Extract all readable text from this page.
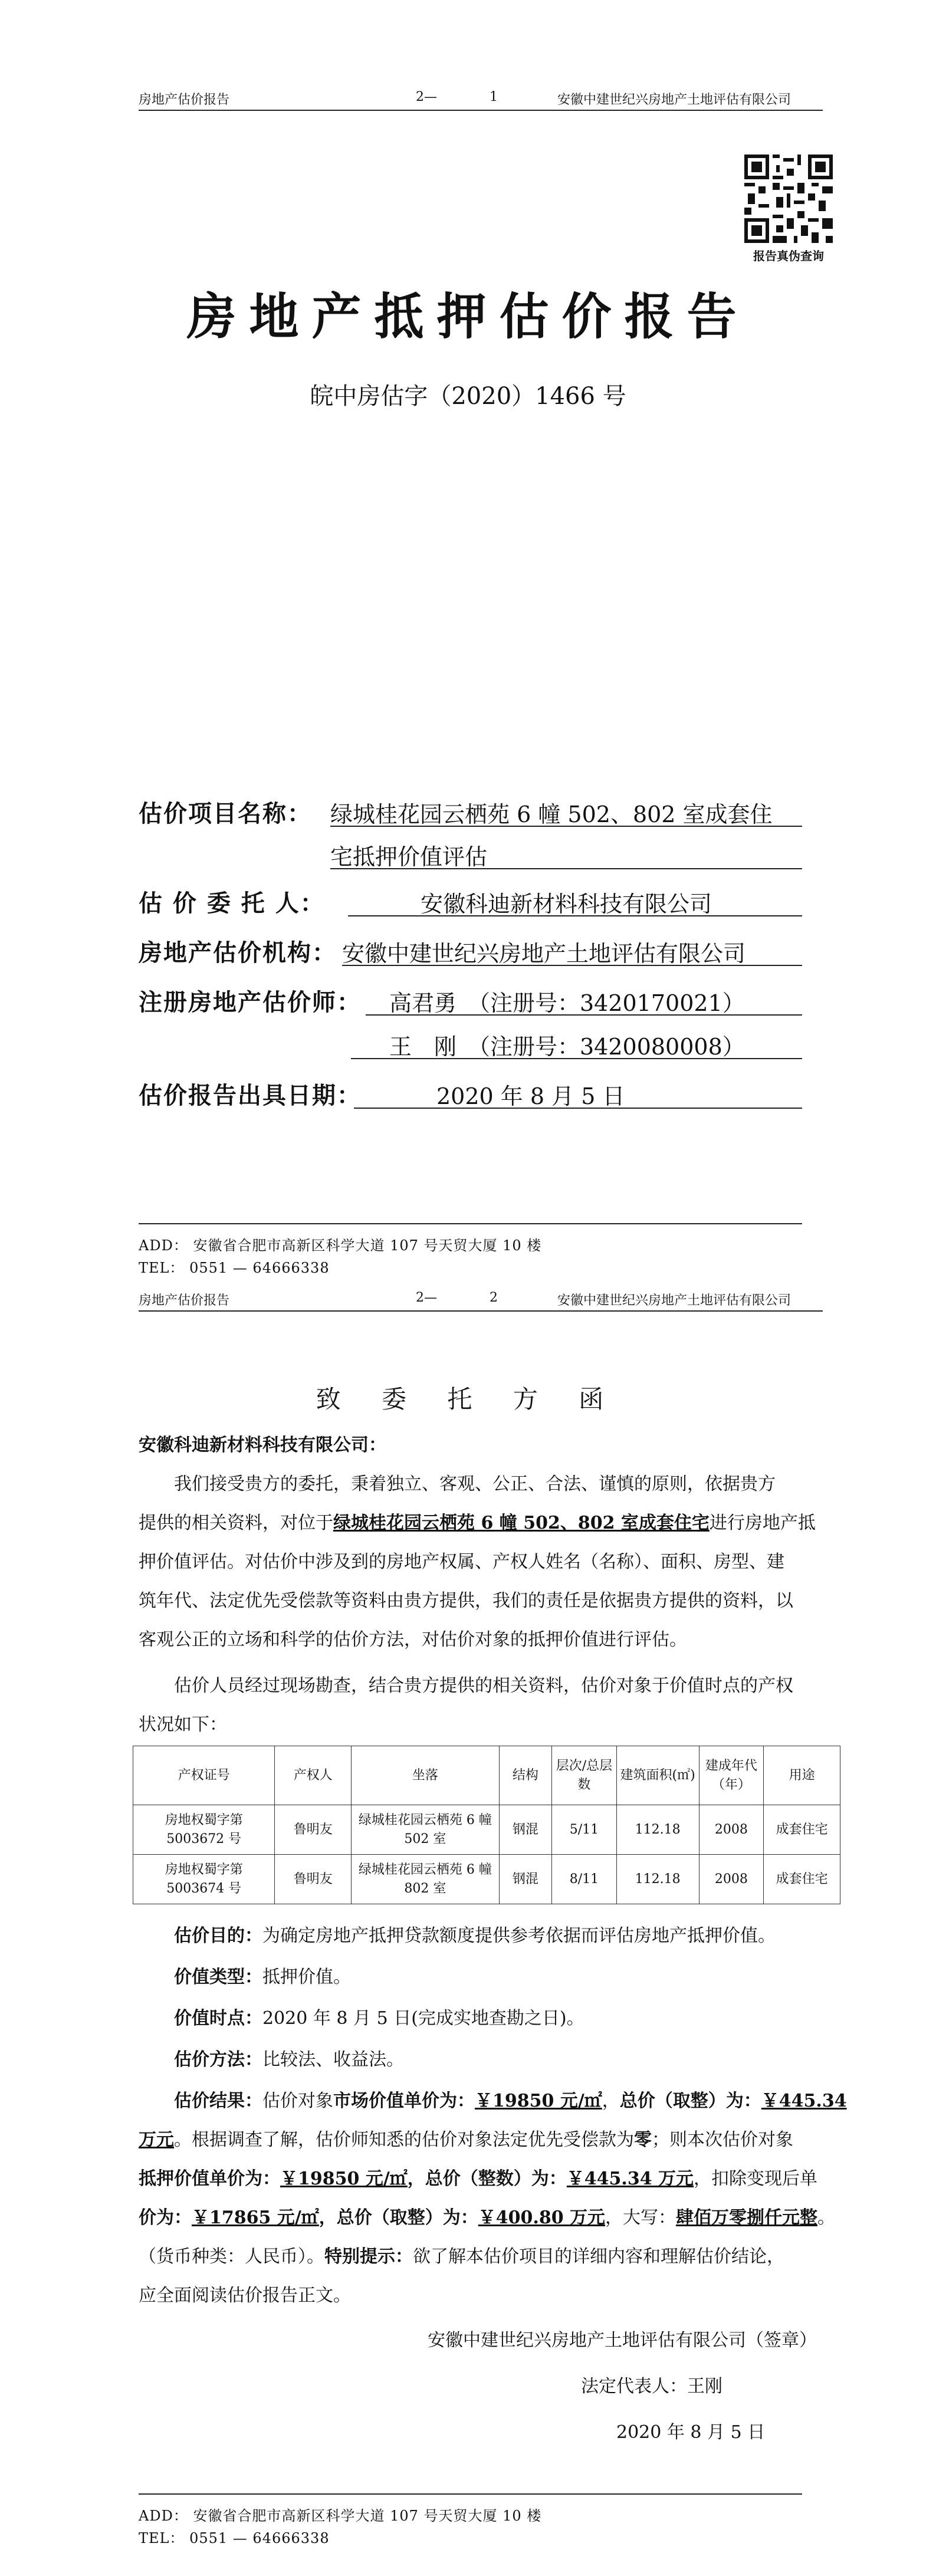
房地产估价报告	2—	1	安徽中建世纪兴房地产土地评估有限公司
报告真伪查询
房地产抵押估价报告
皖中房估字（2020）1466 号
估价项目名称： 绿城桂花园云栖苑 6 幢 502、802 室成套住
宅抵押价值评估
估 价 委 托 人：	安徽科迪新材料科技有限公司
房地产估价机构： 安徽中建世纪兴房地产土地评估有限公司
注册房地产估价师： 高君勇　（注册号：3420170021）
王　刚　（注册号：3420080008）
估价报告出具日期：	2020 年 8 月 5 日
ADD： 安徽省合肥市高新区科学大道 107 号天贸大厦 10 楼
TEL： 0551 — 64666338
房地产估价报告	2—	2	安徽中建世纪兴房地产土地评估有限公司
致 委 托 方 函
安徽科迪新材料科技有限公司：
我们接受贵方的委托，秉着独立、客观、公正、合法、谨慎的原则，依据贵方
提供的相关资料，对位于绿城桂花园云栖苑 6 幢 502、802 室成套住宅进行房地产抵
押价值评估。对估价中涉及到的房地产权属、产权人姓名（名称）、面积、房型、建
筑年代、法定优先受偿款等资料由贵方提供，我们的责任是依据贵方提供的资料，以
客观公正的立场和科学的估价方法，对估价对象的抵押价值进行评估。
估价人员经过现场勘查，结合贵方提供的相关资料，估价对象于价值时点的产权
状况如下：
产权证号	产权人	坐落	结构	层次/总层数	建筑面积(㎡)	建成年代（年）	用途
房地权蜀字第 5003672 号	鲁明友	绿城桂花园云栖苑 6 幢 502 室	钢混	5/11	112.18	2008	成套住宅
房地权蜀字第 5003674 号	鲁明友	绿城桂花园云栖苑 6 幢 802 室	钢混	8/11	112.18	2008	成套住宅
估价目的：为确定房地产抵押贷款额度提供参考依据而评估房地产抵押价值。
价值类型：抵押价值。
价值时点：2020 年 8 月 5 日(完成实地查勘之日)。
估价方法：比较法、收益法。
估价结果：估价对象市场价值单价为：￥19850 元/㎡，总价（取整）为：￥445.34
万元。根据调查了解，估价师知悉的估价对象法定优先受偿款为零；则本次估价对象
抵押价值单价为：￥19850 元/㎡，总价（整数）为：￥445.34 万元，扣除变现后单
价为：￥17865 元/㎡，总价（取整）为：￥400.80 万元，大写：肆佰万零捌仟元整。
（货币种类：人民币）。特别提示：欲了解本估价项目的详细内容和理解估价结论，
应全面阅读估价报告正文。
安徽中建世纪兴房地产土地评估有限公司（签章）
法定代表人：王刚
2020 年 8 月 5 日
ADD： 安徽省合肥市高新区科学大道 107 号天贸大厦 10 楼
TEL： 0551 — 64666338
